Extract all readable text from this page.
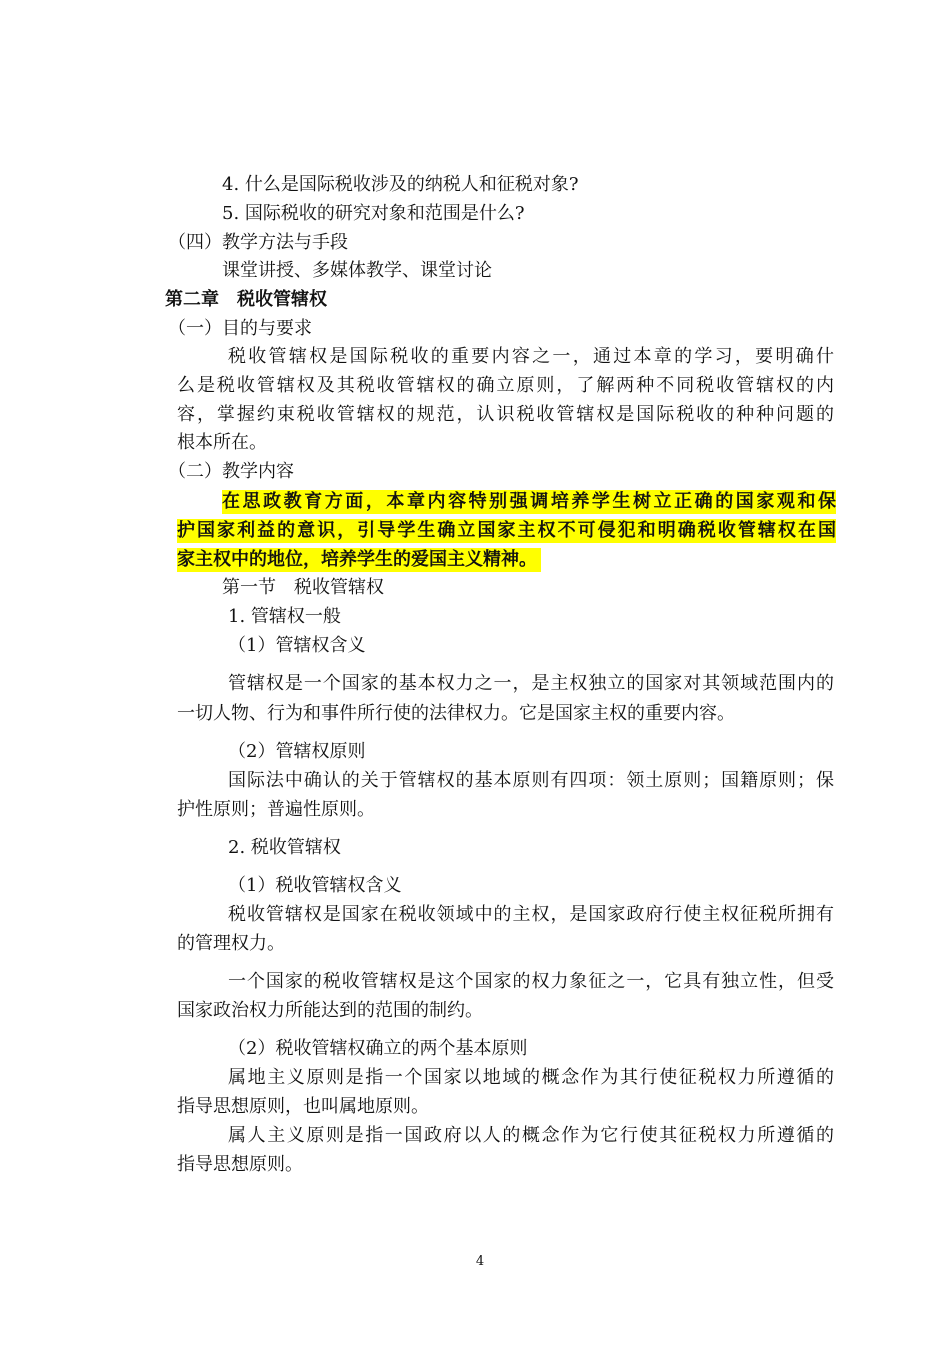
4. 什么是国际税收涉及的纳税人和征税对象?
5. 国际税收的研究对象和范围是什么?
（四）教学方法与手段
课堂讲授、多媒体教学、课堂讨论
第二章　税收管辖权
（一）目的与要求
税收管辖权是国际税收的重要内容之一，通过本章的学习，要明确什
么是税收管辖权及其税收管辖权的确立原则，了解两种不同税收管辖权的内
容，掌握约束税收管辖权的规范，认识税收管辖权是国际税收的种种问题的
根本所在。
（二）教学内容
在思政教育方面，本章内容特别强调培养学生树立正确的国家观和保
护国家利益的意识，引导学生确立国家主权不可侵犯和明确税收管辖权在国
家主权中的地位，培养学生的爱国主义精神。
第一节　税收管辖权
1. 管辖权一般
（1）管辖权含义
管辖权是一个国家的基本权力之一，是主权独立的国家对其领域范围内的
一切人物、行为和事件所行使的法律权力。它是国家主权的重要内容。
（2）管辖权原则
国际法中确认的关于管辖权的基本原则有四项：领土原则；国籍原则；保
护性原则；普遍性原则。
2. 税收管辖权
（1）税收管辖权含义
税收管辖权是国家在税收领域中的主权，是国家政府行使主权征税所拥有
的管理权力。
一个国家的税收管辖权是这个国家的权力象征之一，它具有独立性，但受
国家政治权力所能达到的范围的制约。
（2）税收管辖权确立的两个基本原则
属地主义原则是指一个国家以地域的概念作为其行使征税权力所遵循的
指导思想原则，也叫属地原则。
属人主义原则是指一国政府以人的概念作为它行使其征税权力所遵循的
指导思想原则。
4
